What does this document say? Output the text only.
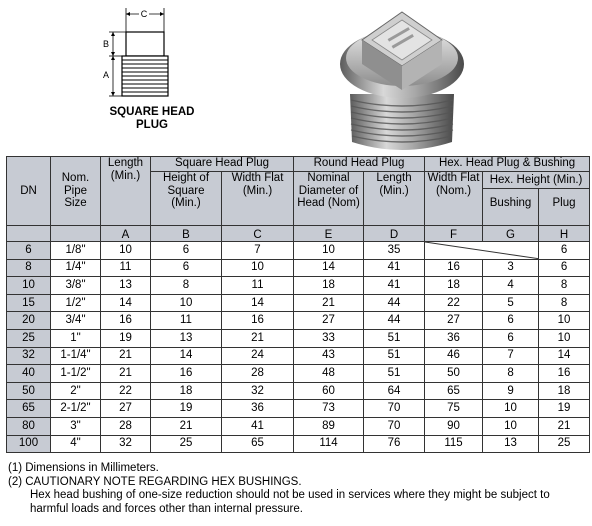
C
B
A
SQUARE HEAD
PLUG
DN	Nom. Pipe Size	Length (Min.)	Square Head Plug		Round Head Plug		Hex. Head Plug & Bushing		
			Height of Square (Min.)	Width Flat (Min.)	Nominal Diameter of Head (Nom)	Length (Min.)	Width Flat (Nom.)	Hex. Height (Min.)	
								Bushing	Plug
		A	B	C	E	D	F	G	H
6	1/8"	10	6	7	10	35			6
8	1/4"	11	6	10	14	41	16	3	6
10	3/8"	13	8	11	18	41	18	4	8
15	1/2"	14	10	14	21	44	22	5	8
20	3/4"	16	11	16	27	44	27	6	10
25	1"	19	13	21	33	51	36	6	10
32	1-1/4"	21	14	24	43	51	46	7	14
40	1-1/2"	21	16	28	48	51	50	8	16
50	2"	22	18	32	60	64	65	9	18
65	2-1/2"	27	19	36	73	70	75	10	19
80	3"	28	21	41	89	70	90	10	21
100	4"	32	25	65	114	76	115	13	25
(1) Dimensions in Millimeters.
(2) CAUTIONARY NOTE REGARDING HEX BUSHINGS.
Hex head bushing of one-size reduction should not be used in services where they might be subject to harmful loads and forces other than internal pressure.
